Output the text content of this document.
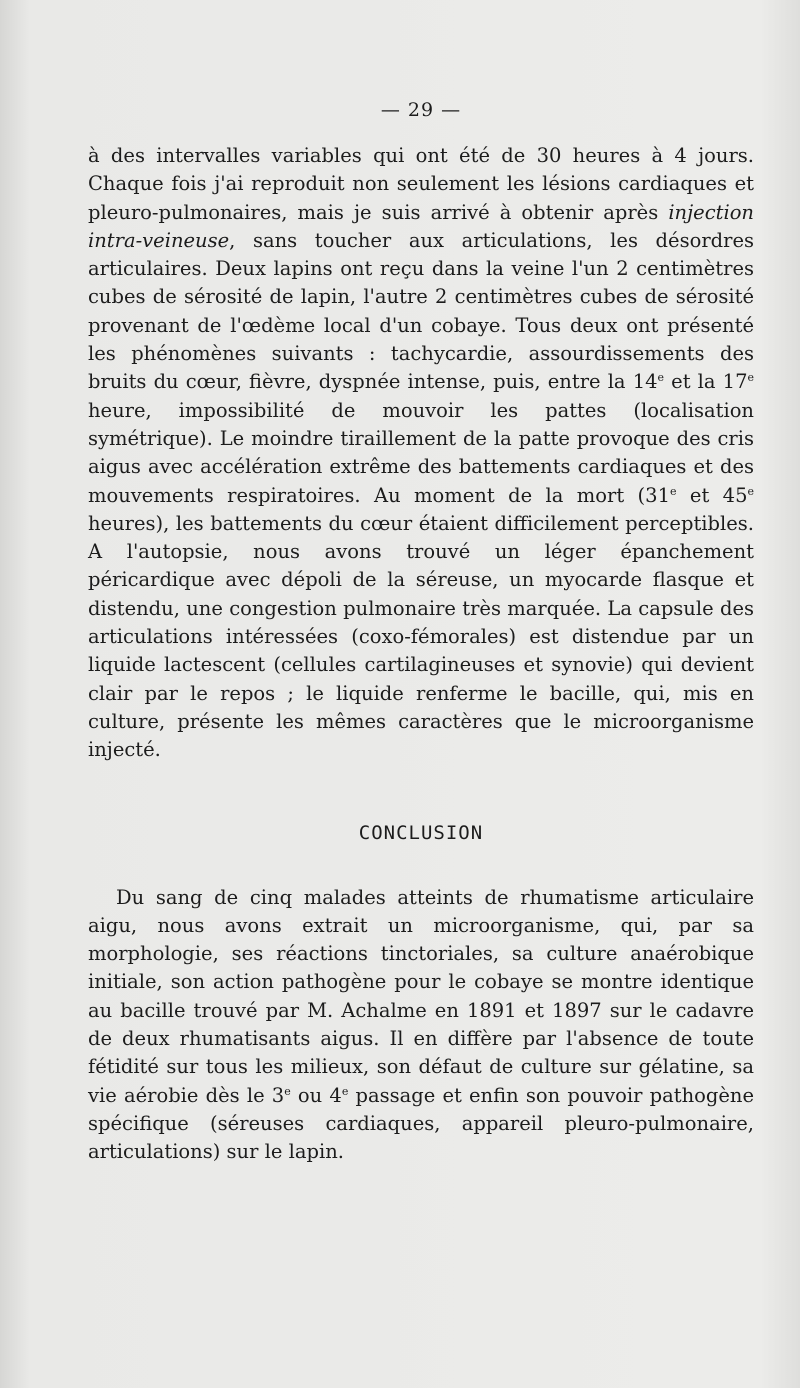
— 29 —

à des intervalles variables qui ont été de 30 heures à 4 jours. Chaque fois j'ai reproduit non seulement les lésions cardiaques et pleuro-pulmonaires, mais je suis arrivé à obtenir après injection intra-veineuse, sans toucher aux articulations, les désordres articulaires. Deux lapins ont reçu dans la veine l'un 2 centimètres cubes de sérosité de lapin, l'autre 2 centimètres cubes de sérosité provenant de l'œdème local d'un cobaye. Tous deux ont présenté les phénomènes suivants : tachycardie, assourdissements des bruits du cœur, fièvre, dyspnée intense, puis, entre la 14e et la 17e heure, impossibilité de mouvoir les pattes (localisation symétrique). Le moindre tiraillement de la patte provoque des cris aigus avec accélération extrême des battements cardiaques et des mouvements respiratoires. Au moment de la mort (31e et 45e heures), les battements du cœur étaient difficilement perceptibles. A l'autopsie, nous avons trouvé un léger épanchement péricardique avec dépoli de la séreuse, un myocarde flasque et distendu, une congestion pulmonaire très marquée. La capsule des articulations intéressées (coxo-fémorales) est distendue par un liquide lactescent (cellules cartilagineuses et synovie) qui devient clair par le repos ; le liquide renferme le bacille, qui, mis en culture, présente les mêmes caractères que le microorganisme injecté.

CONCLUSION

Du sang de cinq malades atteints de rhumatisme articulaire aigu, nous avons extrait un microorganisme, qui, par sa morphologie, ses réactions tinctoriales, sa culture anaérobique initiale, son action pathogène pour le cobaye se montre identique au bacille trouvé par M. Achalme en 1891 et 1897 sur le cadavre de deux rhumatisants aigus. Il en diffère par l'absence de toute fétidité sur tous les milieux, son défaut de culture sur gélatine, sa vie aérobie dès le 3e ou 4e passage et enfin son pouvoir pathogène spécifique (séreuses cardiaques, appareil pleuro-pulmonaire, articulations) sur le lapin.
